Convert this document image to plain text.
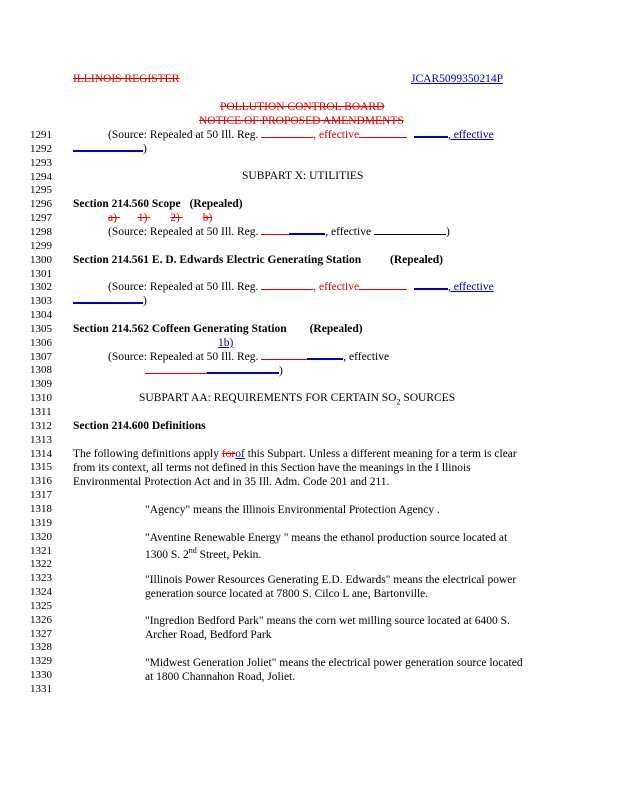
ILLINOIS REGISTER	JCAR5099350214P
POLLUTION CONTROL BOARD
NOTICE OF PROPOSED AMENDMENTS
1291
1292
1293
1294
1295
1296
1297
1298
1299
1300
1301
1302
1303
1304
1305
1306
1307
1308
1309
1310
1311
1312
1313
1314
1315
1316
1317
1318
1319
1320
1321
1322
1323
1324
1325
1326
1327
1328
1329
1330
1331
(Source: Repealed at 50 Ill. Reg.	, effective	, effective
)
SUBPART X: UTILITIES
Section 214.560 Scope (Repealed)
a) 1) 2) b)
(Source: Repealed at 50 Ill. Reg.	, effective	)
Section 214.561 E. D. Edwards Electric Generating Station	(Repealed)
(Source: Repealed at 50 Ill. Reg.	, effective	, effective
)
Section 214.562 Coffeen Generating Station (Repealed)
1b)
(Source: Repealed at 50 Ill. Reg.	, effective
)
SUBPART AA: REQUIREMENTS FOR CERTAIN $SO_2$ SOURCES
Section 214.600 Definitions
The following definitions apply forof this Subpart. Unless a different meaning for a term is clear
from its context, all terms not defined in this Section have the meanings in the I llinois
Environmental Protection Act and in 35 Ill. Adm. Code 201 and 211.
"Agency" means the Illinois Environmental Protection Agency .
"Aventine Renewable Energy " means the ethanol production source located at
1300 S. 2nd Street, Pekin.
"Illinois Power Resources Generating E.D. Edwards" means the electrical power
generation source located at 7800 S. Cilco L ane, Bartonville.
"Ingredion Bedford Park" means the corn wet milling source located at 6400 S.
Archer Road, Bedford Park
"Midwest Generation Joliet" means the electrical power generation source located
at 1800 Channahon Road, Joliet.
